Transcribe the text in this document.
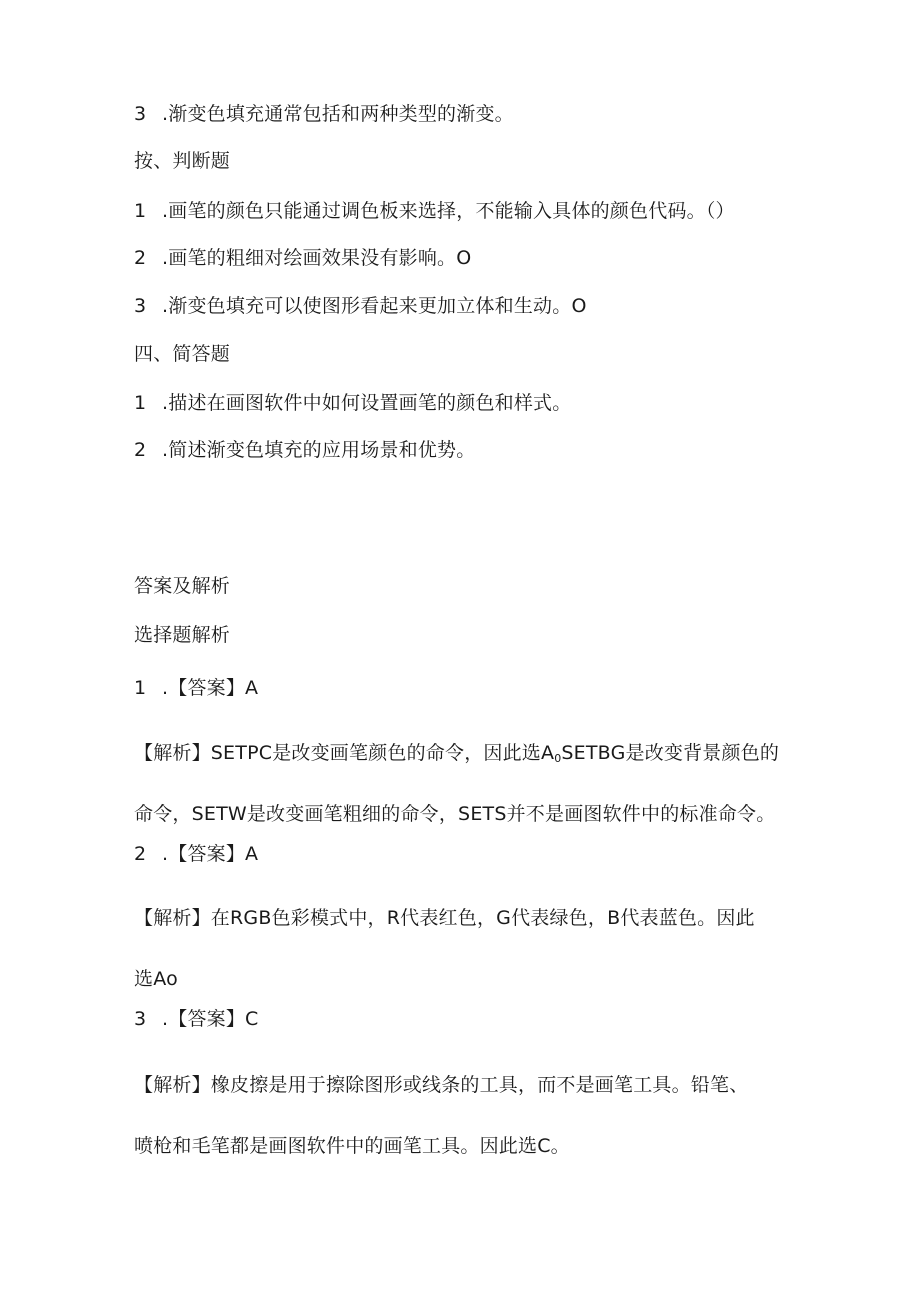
3 .渐变色填充通常包括和两种类型的渐变。
按、判断题
1 .画笔的颜色只能通过调色板来选择，不能输入具体的颜色代码。（）
2 .画笔的粗细对绘画效果没有影响。O
3 .渐变色填充可以使图形看起来更加立体和生动。O
四、简答题
1 .描述在画图软件中如何设置画笔的颜色和样式。
2 .简述渐变色填充的应用场景和优势。
答案及解析
选择题解析
1 .【答案】A
【解析】SETPC是改变画笔颜色的命令，因此选$A_0SETBG$是改变背景颜色的
命令，SETW是改变画笔粗细的命令，SETS并不是画图软件中的标准命令。
2 .【答案】A
【解析】在RGB色彩模式中，R代表红色，G代表绿色，B代表蓝色。因此
选Ao
3 .【答案】C
【解析】橡皮擦是用于擦除图形或线条的工具，而不是画笔工具。铅笔、
喷枪和毛笔都是画图软件中的画笔工具。因此选C。
